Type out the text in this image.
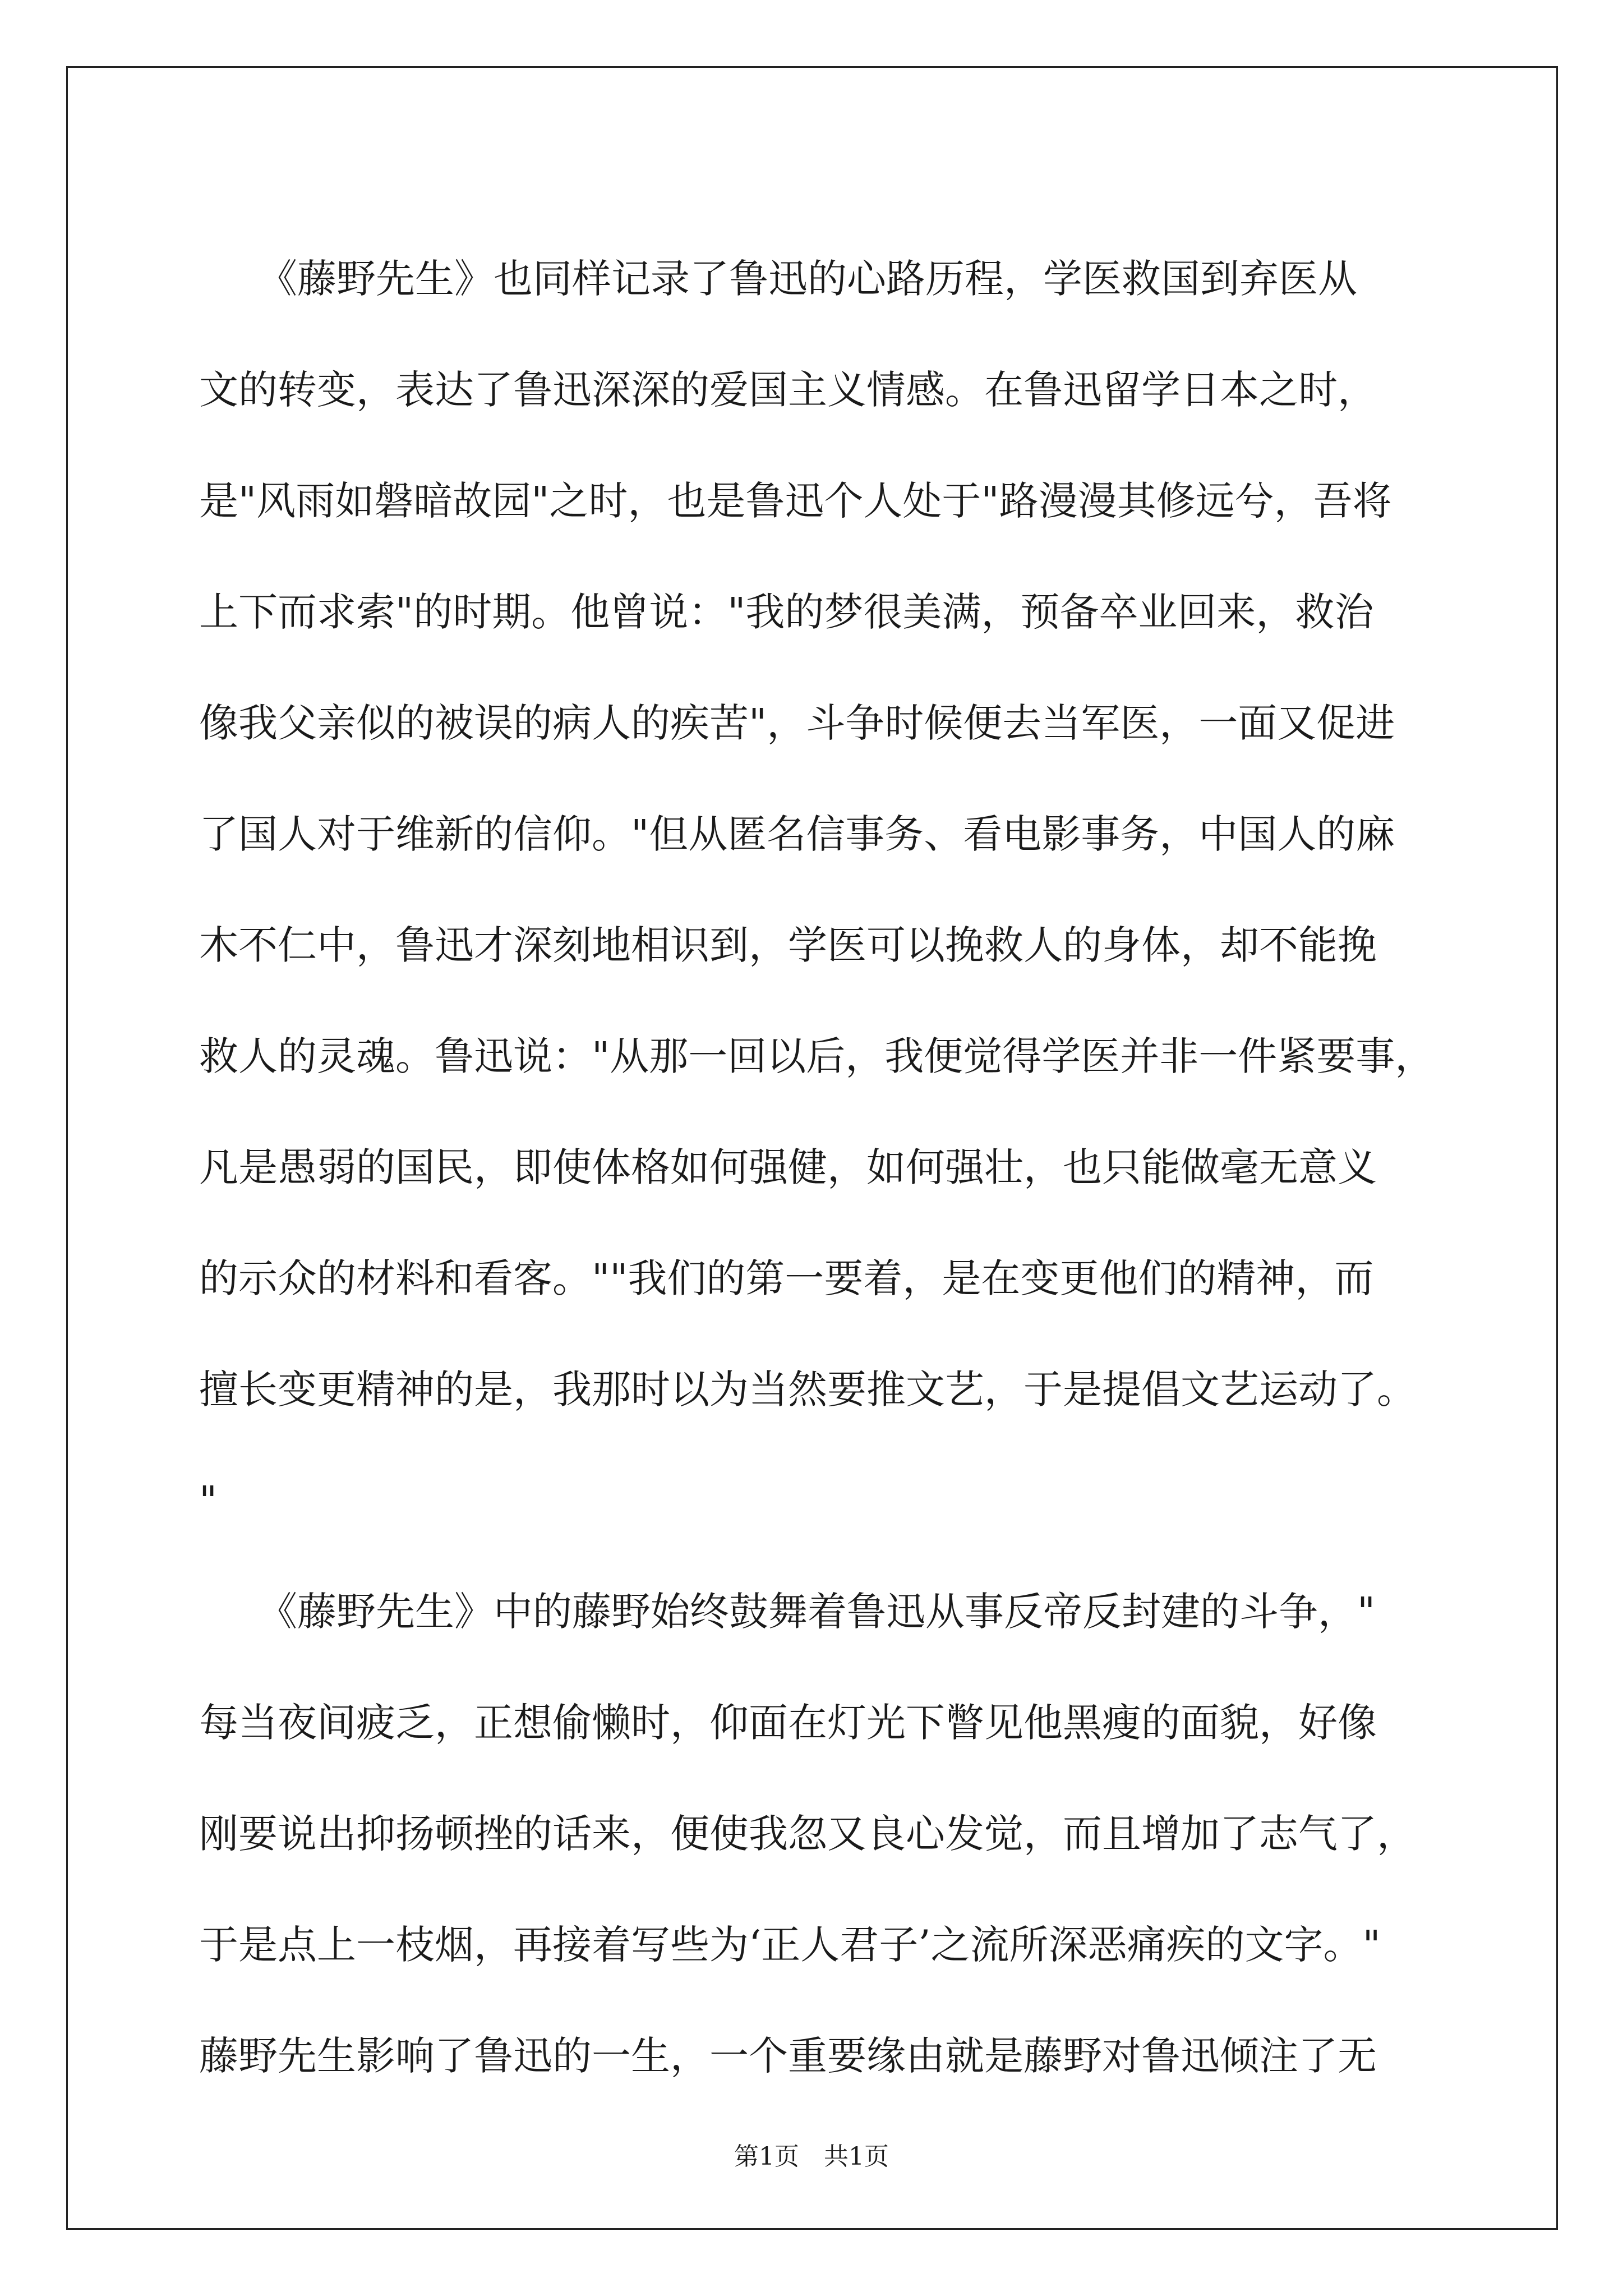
　　《藤野先生》也同样记录了鲁迅的心路历程，学医救国到弃医从
文的转变，表达了鲁迅深深的爱国主义情感。在鲁迅留学日本之时，
是"风雨如磐暗故园"之时，也是鲁迅个人处于"路漫漫其修远兮，吾将
上下而求索"的时期。他曾说："我的梦很美满，预备卒业回来，救治
像我父亲似的被误的病人的疾苦"，斗争时候便去当军医，一面又促进
了国人对于维新的信仰。"但从匿名信事务、看电影事务，中国人的麻
木不仁中，鲁迅才深刻地相识到，学医可以挽救人的身体，却不能挽
救人的灵魂。鲁迅说："从那一回以后，我便觉得学医并非一件紧要事，
凡是愚弱的国民，即使体格如何强健，如何强壮，也只能做毫无意义
的示众的材料和看客。""我们的第一要着，是在变更他们的精神，而
擅长变更精神的是，我那时以为当然要推文艺，于是提倡文艺运动了。
"
　　《藤野先生》中的藤野始终鼓舞着鲁迅从事反帝反封建的斗争，"
每当夜间疲乏，正想偷懒时，仰面在灯光下瞥见他黑瘦的面貌，好像
刚要说出抑扬顿挫的话来，便使我忽又良心发觉，而且增加了志气了，
于是点上一枝烟，再接着写些为‘正人君子’之流所深恶痛疾的文字。"
藤野先生影响了鲁迅的一生，一个重要缘由就是藤野对鲁迅倾注了无
第1页　共1页
